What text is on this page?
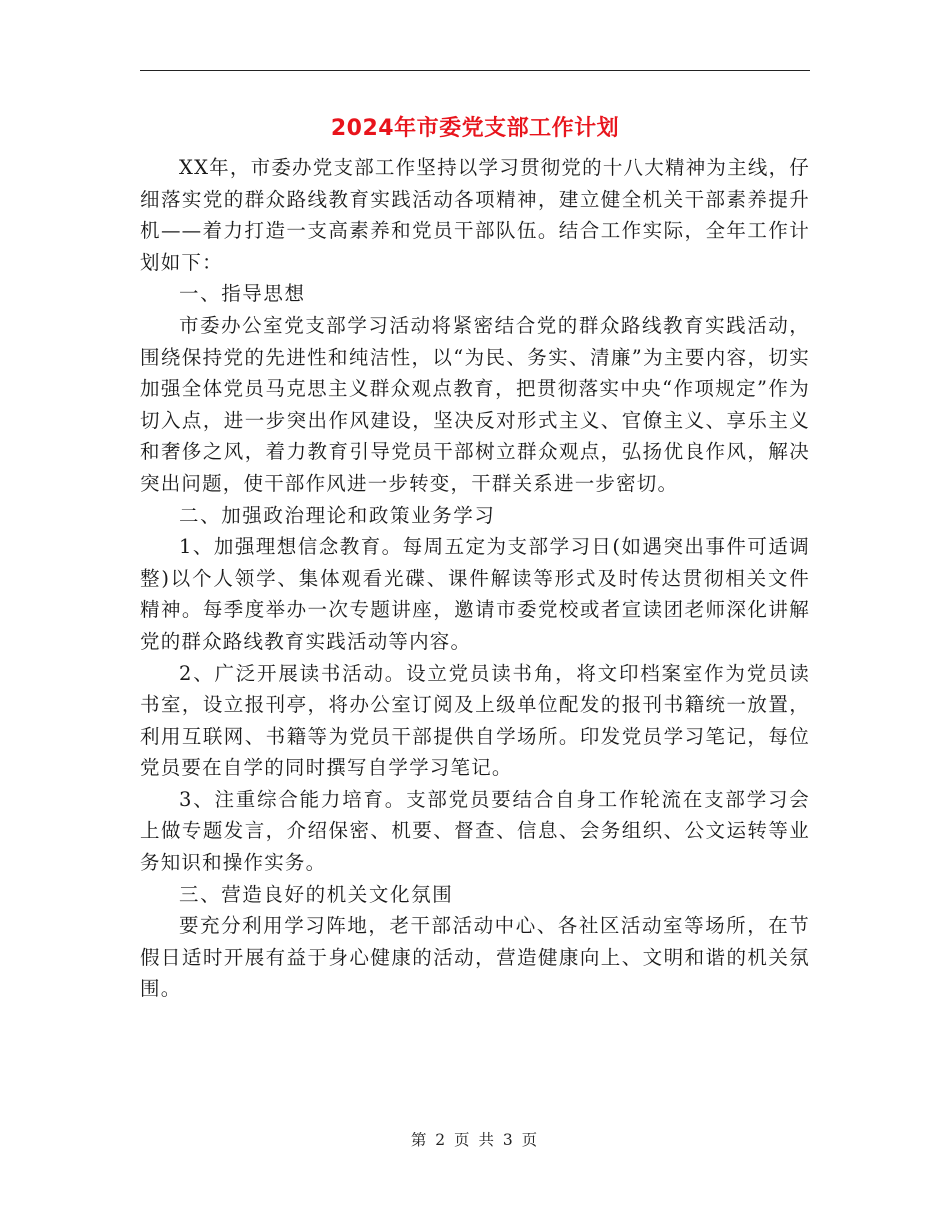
2024年市委党支部工作计划

XX年，市委办党支部工作坚持以学习贯彻党的十八大精神为主线，仔细落实党的群众路线教育实践活动各项精神，建立健全机关干部素养提升机——着力打造一支高素养和党员干部队伍。结合工作实际，全年工作计划如下：

一、指导思想

市委办公室党支部学习活动将紧密结合党的群众路线教育实践活动，围绕保持党的先进性和纯洁性，以“为民、务实、清廉”为主要内容，切实加强全体党员马克思主义群众观点教育，把贯彻落实中央“作项规定”作为切入点，进一步突出作风建设，坚决反对形式主义、官僚主义、享乐主义和奢侈之风，着力教育引导党员干部树立群众观点，弘扬优良作风，解决突出问题，使干部作风进一步转变，干群关系进一步密切。

二、加强政治理论和政策业务学习

1、加强理想信念教育。每周五定为支部学习日(如遇突出事件可适调整)以个人领学、集体观看光碟、课件解读等形式及时传达贯彻相关文件精神。每季度举办一次专题讲座，邀请市委党校或者宣读团老师深化讲解党的群众路线教育实践活动等内容。

2、广泛开展读书活动。设立党员读书角，将文印档案室作为党员读书室，设立报刊亭，将办公室订阅及上级单位配发的报刊书籍统一放置，利用互联网、书籍等为党员干部提供自学场所。印发党员学习笔记，每位党员要在自学的同时撰写自学学习笔记。

3、注重综合能力培育。支部党员要结合自身工作轮流在支部学习会上做专题发言，介绍保密、机要、督查、信息、会务组织、公文运转等业务知识和操作实务。

三、营造良好的机关文化氛围

要充分利用学习阵地，老干部活动中心、各社区活动室等场所，在节假日适时开展有益于身心健康的活动，营造健康向上、文明和谐的机关氛围。

第 2 页 共 3 页
